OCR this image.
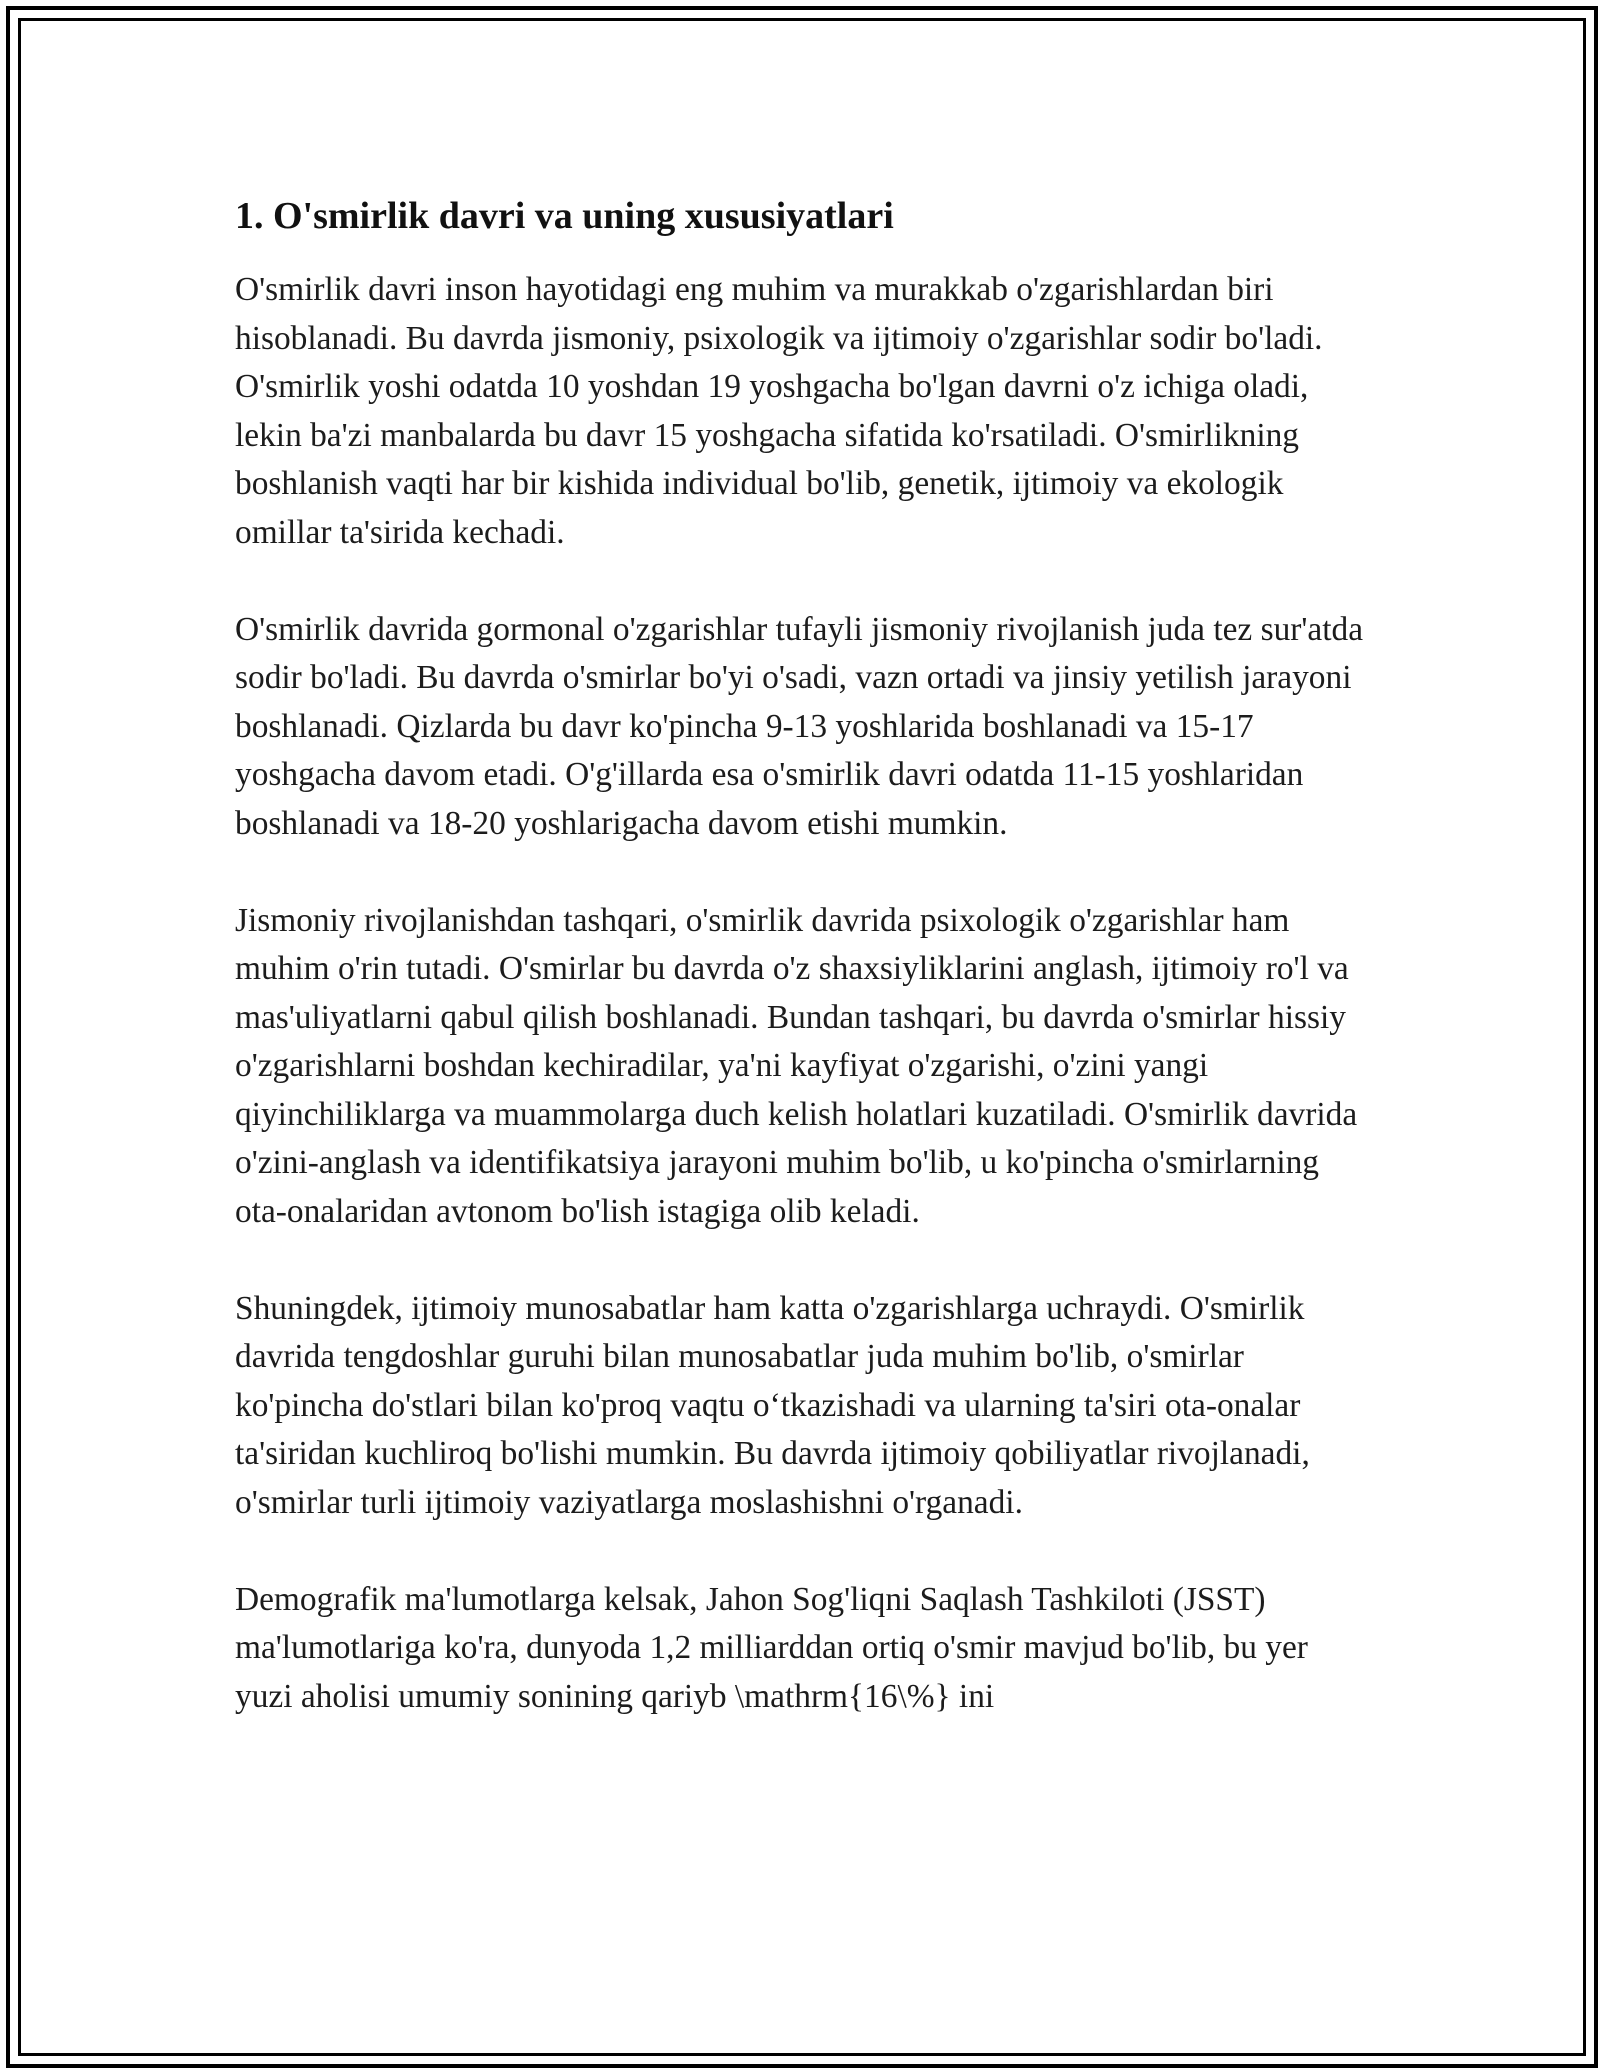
1. O'smirlik davri va uning xususiyatlari

O'smirlik davri inson hayotidagi eng muhim va murakkab o'zgarishlardan biri hisoblanadi. Bu davrda jismoniy, psixologik va ijtimoiy o'zgarishlar sodir bo'ladi. O'smirlik yoshi odatda 10 yoshdan 19 yoshgacha bo'lgan davrni o'z ichiga oladi, lekin ba'zi manbalarda bu davr 15 yoshgacha sifatida ko'rsatiladi. O'smirlikning boshlanish vaqti har bir kishida individual bo'lib, genetik, ijtimoiy va ekologik omillar ta'sirida kechadi.

O'smirlik davrida gormonal o'zgarishlar tufayli jismoniy rivojlanish juda tez sur'atda sodir bo'ladi. Bu davrda o'smirlar bo'yi o'sadi, vazn ortadi va jinsiy yetilish jarayoni boshlanadi. Qizlarda bu davr ko'pincha 9-13 yoshlarida boshlanadi va 15-17 yoshgacha davom etadi. O'g'illarda esa o'smirlik davri odatda 11-15 yoshlaridan boshlanadi va 18-20 yoshlarigacha davom etishi mumkin.

Jismoniy rivojlanishdan tashqari, o'smirlik davrida psixologik o'zgarishlar ham muhim o'rin tutadi. O'smirlar bu davrda o'z shaxsiyliklarini anglash, ijtimoiy ro'l va mas'uliyatlarni qabul qilish boshlanadi. Bundan tashqari, bu davrda o'smirlar hissiy o'zgarishlarni boshdan kechiradilar, ya'ni kayfiyat o'zgarishi, o'zini yangi qiyinchiliklarga va muammolarga duch kelish holatlari kuzatiladi. O'smirlik davrida o'zini-anglash va identifikatsiya jarayoni muhim bo'lib, u ko'pincha o'smirlarning ota-onalaridan avtonom bo'lish istagiga olib keladi.

Shuningdek, ijtimoiy munosabatlar ham katta o'zgarishlarga uchraydi. O'smirlik davrida tengdoshlar guruhi bilan munosabatlar juda muhim bo'lib, o'smirlar ko'pincha do'stlari bilan ko'proq vaqtu o‘tkazishadi va ularning ta'siri ota-onalar ta'siridan kuchliroq bo'lishi mumkin. Bu davrda ijtimoiy qobiliyatlar rivojlanadi, o'smirlar turli ijtimoiy vaziyatlarga moslashishni o'rganadi.

Demografik ma'lumotlarga kelsak, Jahon Sog'liqni Saqlash Tashkiloti (JSST) ma'lumotlariga ko'ra, dunyoda 1,2 milliarddan ortiq o'smir mavjud bo'lib, bu yer yuzi aholisi umumiy sonining qariyb \mathrm{16\%} ini
